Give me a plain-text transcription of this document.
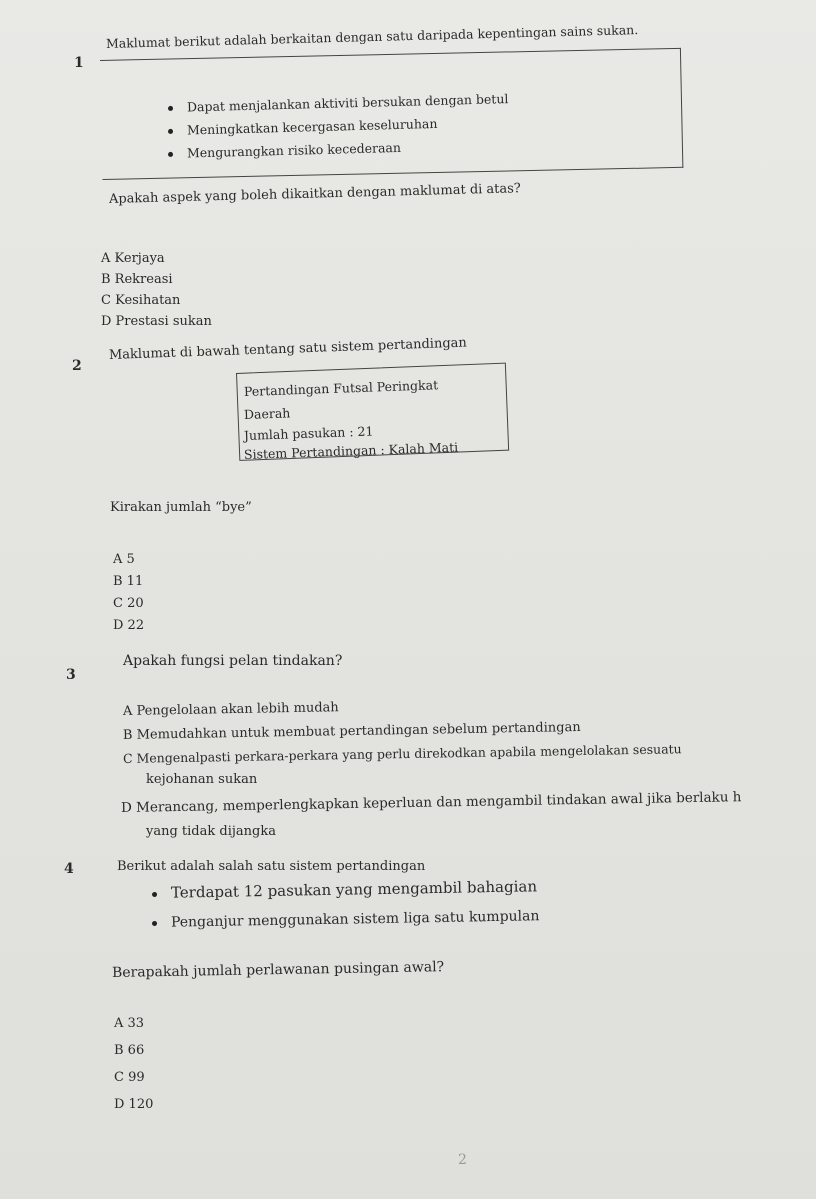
1
Maklumat berikut adalah berkaitan dengan satu daripada kepentingan sains sukan.
Dapat menjalankan aktiviti bersukan dengan betul
Meningkatkan kecergasan keseluruhan
Mengurangkan risiko kecederaan
Apakah aspek yang boleh dikaitkan dengan maklumat di atas?
A Kerjaya
B Rekreasi
C Kesihatan
D Prestasi sukan
2
Maklumat di bawah tentang satu sistem pertandingan
Pertandingan Futsal Peringkat
Daerah
Jumlah pasukan : 21
Sistem Pertandingan : Kalah Mati
Kirakan jumlah “bye”
A 5
B 11
C 20
D 22
3
Apakah fungsi pelan tindakan?
A Pengelolaan akan lebih mudah
B Memudahkan untuk membuat pertandingan sebelum pertandingan
C Mengenalpasti perkara-perkara yang perlu direkodkan apabila mengelolakan sesuatu
kejohanan sukan
D Merancang, memperlengkapkan keperluan dan mengambil tindakan awal jika berlaku h
yang tidak dijangka
4	Berikut adalah salah satu sistem pertandingan
Terdapat 12 pasukan yang mengambil bahagian
Penganjur menggunakan sistem liga satu kumpulan
Berapakah jumlah perlawanan pusingan awal?
A 33
B 66
C 99
D 120
2
